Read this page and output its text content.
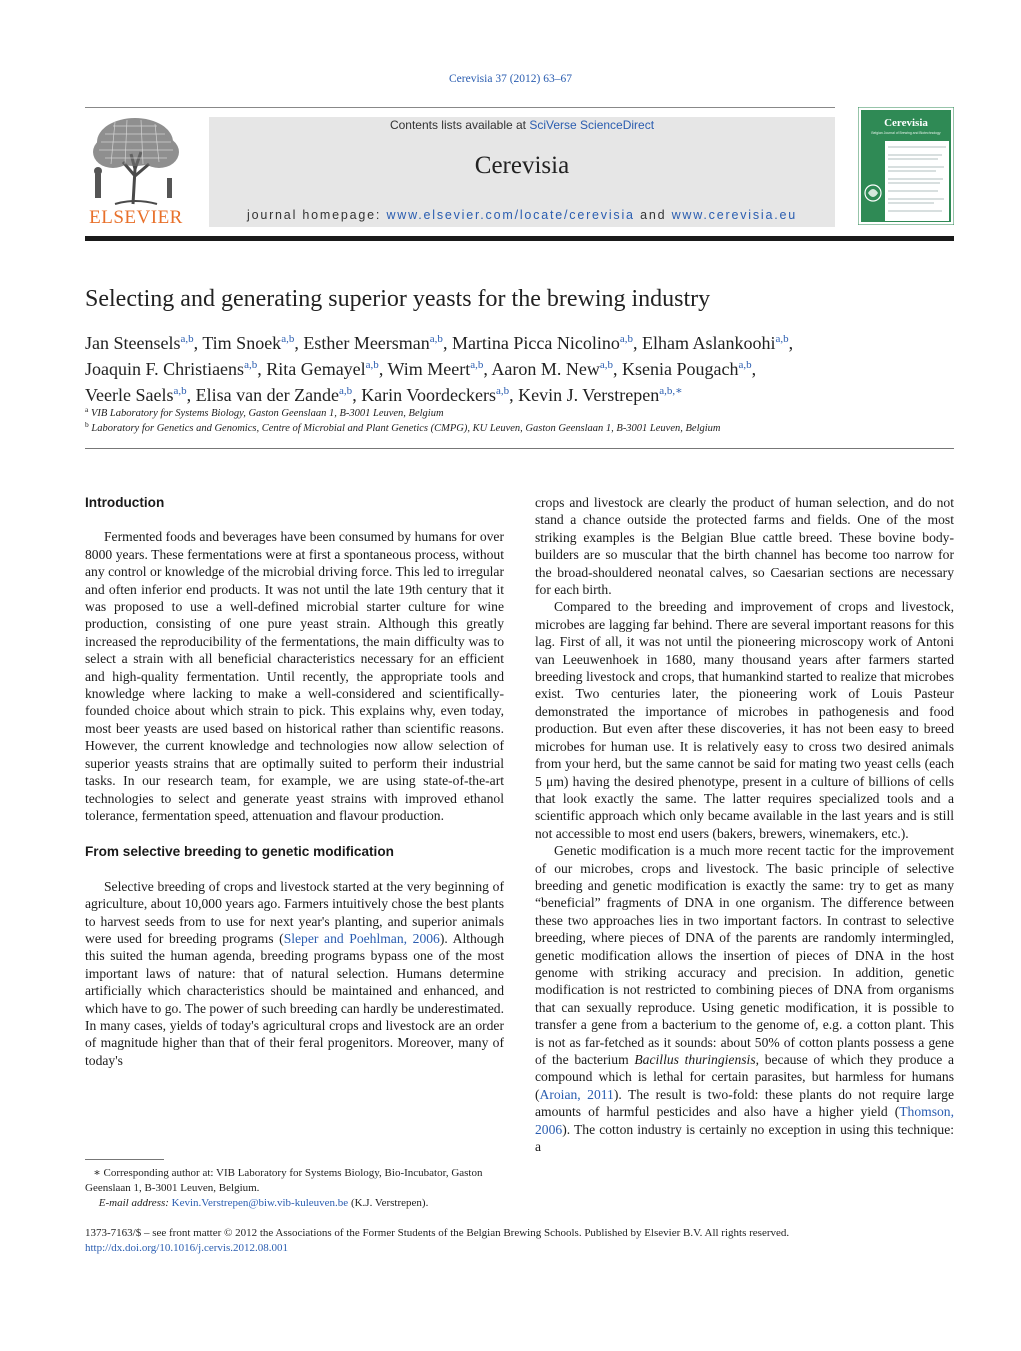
Cerevisia 37 (2012) 63–67
ELSEVIER
Contents lists available at SciVerse ScienceDirect
Cerevisia
journal homepage: www.elsevier.com/locate/cerevisia and www.cerevisia.eu
Cerevisia
Belgian Journal of Brewing and Biotechnology
Selecting and generating superior yeasts for the brewing industry
Jan Steensels$^{a,b}$, Tim Snoek$^{a,b}$, Esther Meersman$^{a,b}$, Martina Picca Nicolino$^{a,b}$, Elham Aslankoohi$^{a,b}$,
Joaquin F. Christiaens$^{a,b}$, Rita Gemayel$^{a,b}$, Wim Meert$^{a,b}$, Aaron M. New$^{a,b}$, Ksenia Pougach$^{a,b}$,
Veerle Saels$^{a,b}$, Elisa van der Zande$^{a,b}$, Karin Voordeckers$^{a,b}$, Kevin J. Verstrepen$^{a,b,∗}$
$^a$ VIB Laboratory for Systems Biology, Gaston Geenslaan 1, B-3001 Leuven, Belgium
$^b$ Laboratory for Genetics and Genomics, Centre of Microbial and Plant Genetics (CMPG), KU Leuven, Gaston Geenslaan 1, B-3001 Leuven, Belgium
Introduction

Fermented foods and beverages have been consumed by humans for over 8000 years. These fermentations were at first a spontaneous process, without any control or knowledge of the microbial driving force. This led to irregular and often inferior end products. It was not until the late 19th century that it was proposed to use a well-defined microbial starter culture for wine production, consisting of one pure yeast strain. Although this greatly increased the reproducibility of the fermentations, the main difficulty was to select a strain with all beneficial characteristics necessary for an efficient and high-quality fermentation. Until recently, the appropriate tools and knowledge where lacking to make a well-considered and scientifically-founded choice about which strain to pick. This explains why, even today, most beer yeasts are used based on historical rather than scientific reasons. However, the current knowledge and technologies now allow selection of superior yeasts strains that are optimally suited to perform their industrial tasks. In our research team, for example, we are using state-of-the-art technologies to select and generate yeast strains with improved ethanol tolerance, fermentation speed, attenuation and flavour production.

From selective breeding to genetic modification

Selective breeding of crops and livestock started at the very beginning of agriculture, about 10,000 years ago. Farmers intuitively chose the best plants to harvest seeds from to use for next year's planting, and superior animals were used for breeding programs (Sleper and Poehlman, 2006). Although this suited the human agenda, breeding programs bypass one of the most important laws of nature: that of natural selection. Humans determine artificially which characteristics should be maintained and enhanced, and which have to go. The power of such breeding can hardly be underestimated. In many cases, yields of today's agricultural crops and livestock are an order of magnitude higher than that of their feral progenitors. Moreover, many of today's

crops and livestock are clearly the product of human selection, and do not stand a chance outside the protected farms and fields. One of the most striking examples is the Belgian Blue cattle breed. These bovine body-builders are so muscular that the birth channel has become too narrow for the broad-shouldered neonatal calves, so Caesarian sections are necessary for each birth.

Compared to the breeding and improvement of crops and livestock, microbes are lagging far behind. There are several important reasons for this lag. First of all, it was not until the pioneering microscopy work of Antoni van Leeuwenhoek in 1680, many thousand years after farmers started breeding livestock and crops, that humankind started to realize that microbes exist. Two centuries later, the pioneering work of Louis Pasteur demonstrated the importance of microbes in pathogenesis and food production. But even after these discoveries, it has not been easy to breed microbes for human use. It is relatively easy to cross two desired animals from your herd, but the same cannot be said for mating two yeast cells (each 5 μm) having the desired phenotype, present in a culture of billions of cells that look exactly the same. The latter requires specialized tools and a scientific approach which only became available in the last years and is still not accessible to most end users (bakers, brewers, winemakers, etc.).

Genetic modification is a much more recent tactic for the improvement of our microbes, crops and livestock. The basic principle of selective breeding and genetic modification is exactly the same: try to get as many “beneficial” fragments of DNA in one organism. The difference between these two approaches lies in two important factors. In contrast to selective breeding, where pieces of DNA of the parents are randomly intermingled, genetic modification allows the insertion of pieces of DNA in the host genome with striking accuracy and precision. In addition, genetic modification is not restricted to combining pieces of DNA from organisms that can sexually reproduce. Using genetic modification, it is possible to transfer a gene from a bacterium to the genome of, e.g. a cotton plant. This is not as far-fetched as it sounds: about 50% of cotton plants possess a gene of the bacterium Bacillus thuringiensis, because of which they produce a compound which is lethal for certain parasites, but harmless for humans (Aroian, 2011). The result is two-fold: these plants do not require large amounts of harmful pesticides and also have a higher yield (Thomson, 2006). The cotton industry is certainly no exception in using this technique: a

∗ Corresponding author at: VIB Laboratory for Systems Biology, Bio-Incubator, Gaston Geenslaan 1, B-3001 Leuven, Belgium.

E-mail address: Kevin.Verstrepen@biw.vib-kuleuven.be (K.J. Verstrepen).

1373-7163/$ – see front matter © 2012 the Associations of the Former Students of the Belgian Brewing Schools. Published by Elsevier B.V. All rights reserved.

http://dx.doi.org/10.1016/j.cervis.2012.08.001
